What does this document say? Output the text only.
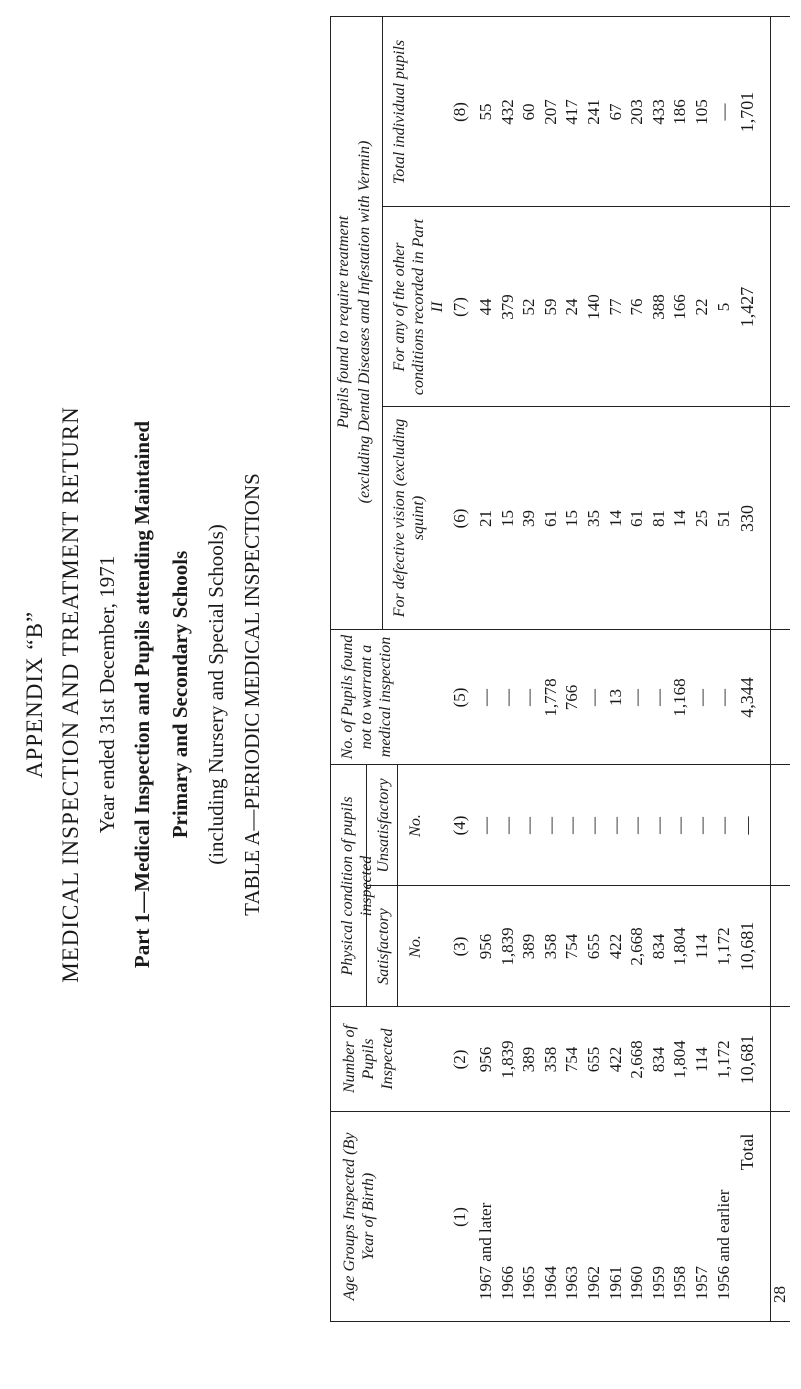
APPENDIX “B” MEDICAL INSPECTION AND TREATMENT RETURN Year ended 31st December, 1971 Part 1—Medical Inspection and Pupils attending Maintained Primary and Secondary Schools (including Nursery and Special Schools) TABLE A—PERIODIC MEDICAL INSPECTIONS
Age Groups Inspected (By Year of Birth)
Number of Pupils Inspected
Physical condition of pupils inspected
Satisfactory
Unsatisfactory
No.
No.
No. of Pupils found not to warrant a medical inspection
Pupils found to require treatment (excluding Dental Diseases and Infestation with Vermin)
For defective vision (excluding squint)
For any of the other conditions recorded in Part II
Total individual pupils
(1)
(2)
(3)
(4)
(5)
(6)
(7)
(8)
1967 and later 1966 1965 1964 1963 1962 1961 1960 1959 1958 1957 1956 and earlier
956 1,839 389 358 754 655 422 2,668 834 1,804 114 1,172
956 1,839 389 358 754 655 422 2,668 834 1,804 114 1,172
— — — — — — — — — — — —
— — — 1,778 766 — 13 — — 1,168 — —
21 15 39 61 15 35 14 61 81 14 25 51
44 379 52 59 24 140 77 76 388 166 22 5
55 432 60 207 417 241 67 203 433 186 105 —
Total
10,681
10,681
—
4,344
330
1,427
1,701
28
